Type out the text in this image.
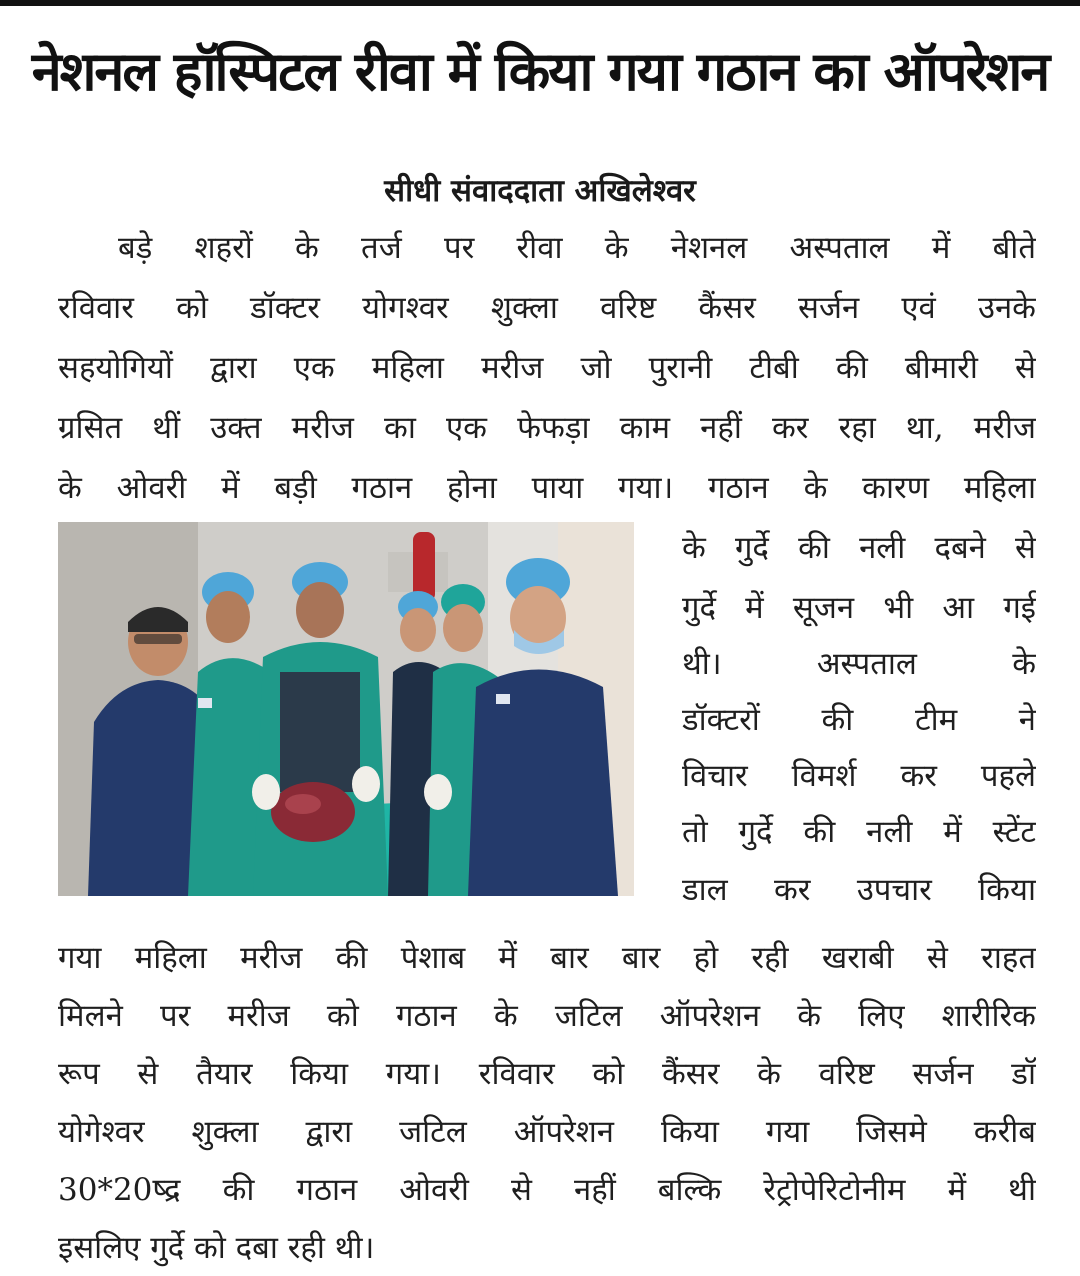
नेशनल हॉस्पिटल रीवा में किया गया गठान का ऑपरेशन
सीधी संवाददाता अखिलेश्वर
बड़े शहरों के तर्ज पर रीवा के नेशनल अस्पताल में बीते
रविवार को डॉक्टर योगश्वर शुक्ला वरिष्ट कैंसर सर्जन एवं उनके
सहयोगियों द्वारा एक महिला मरीज जो पुरानी टीबी की बीमारी से
ग्रसित थीं उक्त मरीज का एक फेफड़ा काम नहीं कर रहा था, मरीज
के ओवरी में बड़ी गठान होना पाया गया। गठान के कारण महिला
के गुर्दे की नली दबने से
गुर्दे में सूजन भी आ गई
थी। अस्पताल के
डॉक्टरों की टीम ने
विचार विमर्श कर पहले
तो गुर्दे की नली में स्टेंट
डाल कर उपचार किया
गया महिला मरीज की पेशाब में बार बार हो रही खराबी से राहत
मिलने पर मरीज को गठान के जटिल ऑपरेशन के लिए शारीरिक
रूप से तैयार किया गया। रविवार को कैंसर के वरिष्ट सर्जन डॉ
योगेश्वर शुक्ला द्वारा जटिल ऑपरेशन किया गया जिसमे करीब
30*20ष्द्र की गठान ओवरी से नहीं बल्कि रेट्रोपेरिटोनीम में थी
इसलिए गुर्दे को दबा रही थी।
